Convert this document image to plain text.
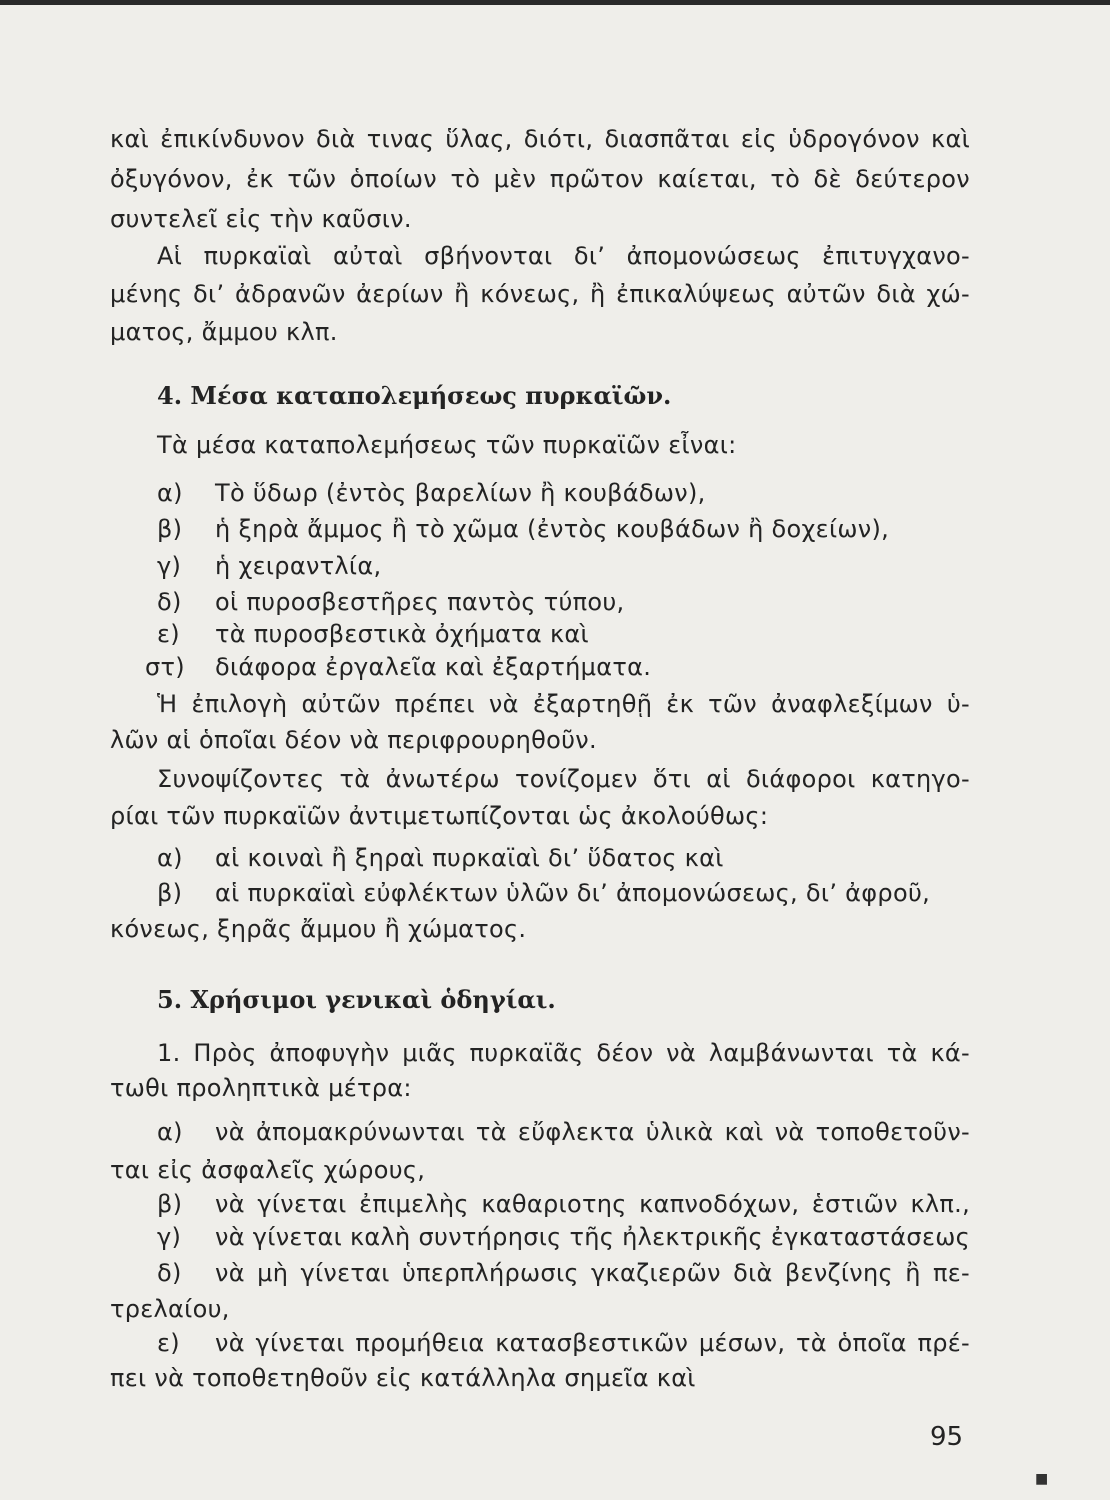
καὶ ἐπικίνδυνον διὰ τινας ὕλας, διότι, διασπᾶται εἰς ὑδρογόνον καὶ
ὀξυγόνον, ἐκ τῶν ὁποίων τὸ μὲν πρῶτον καίεται, τὸ δὲ δεύτερον
συντελεῖ εἰς τὴν καῦσιν.
Αἱ πυρκαϊαὶ αὐταὶ σβήνονται δι’ ἀπομονώσεως ἐπιτυγχανο-
μένης δι’ ἀδρανῶν ἀερίων ἢ κόνεως, ἢ ἐπικαλύψεως αὐτῶν διὰ χώ-
ματος, ἄμμου κλπ.
4. Μέσα καταπολεμήσεως πυρκαϊῶν.
Τὰ μέσα καταπολεμήσεως τῶν πυρκαϊῶν εἶναι:
α) Τὸ ὕδωρ (ἐντὸς βαρελίων ἢ κουβάδων),
β) ἡ ξηρὰ ἄμμος ἢ τὸ χῶμα (ἐντὸς κουβάδων ἢ δοχείων),
γ) ἡ χειραντλία,
δ) οἱ πυροσβεστῆρες παντὸς τύπου,
ε) τὰ πυροσβεστικὰ ὀχήματα καὶ
στ) διάφορα ἐργαλεῖα καὶ ἐξαρτήματα.
Ἡ ἐπιλογὴ αὐτῶν πρέπει νὰ ἐξαρτηθῇ ἐκ τῶν ἀναφλεξίμων ὑ-
λῶν αἱ ὁποῖαι δέον νὰ περιφρουρηθοῦν.
Συνοψίζοντες τὰ ἀνωτέρω τονίζομεν ὅτι αἱ διάφοροι κατηγο-
ρίαι τῶν πυρκαϊῶν ἀντιμετωπίζονται ὡς ἀκολούθως:
α) αἱ κοιναὶ ἢ ξηραὶ πυρκαϊαὶ δι’ ὕδατος καὶ
β) αἱ πυρκαϊαὶ εὐφλέκτων ὑλῶν δι’ ἀπομονώσεως, δι’ ἀφροῦ,
κόνεως, ξηρᾶς ἄμμου ἢ χώματος.
5. Χρήσιμοι γενικαὶ ὁδηγίαι.
1. Πρὸς ἀποφυγὴν μιᾶς πυρκαϊᾶς δέον νὰ λαμβάνωνται τὰ κά-
τωθι προληπτικὰ μέτρα:
α) νὰ ἀπομακρύνωνται τὰ εὔφλεκτα ὑλικὰ καὶ νὰ τοποθετοῦν-
ται εἰς ἀσφαλεῖς χώρους,
β) νὰ γίνεται ἐπιμελὴς καθαριοτης καπνοδόχων, ἑστιῶν κλπ.,
γ) νὰ γίνεται καλὴ συντήρησις τῆς ἠλεκτρικῆς ἐγκαταστάσεως
δ) νὰ μὴ γίνεται ὑπερπλήρωσις γκαζιερῶν διὰ βενζίνης ἢ πε-
τρελαίου,
ε) νὰ γίνεται προμήθεια κατασβεστικῶν μέσων, τὰ ὁποῖα πρέ-
πει νὰ τοποθετηθοῦν εἰς κατάλληλα σημεῖα καὶ
95
■
